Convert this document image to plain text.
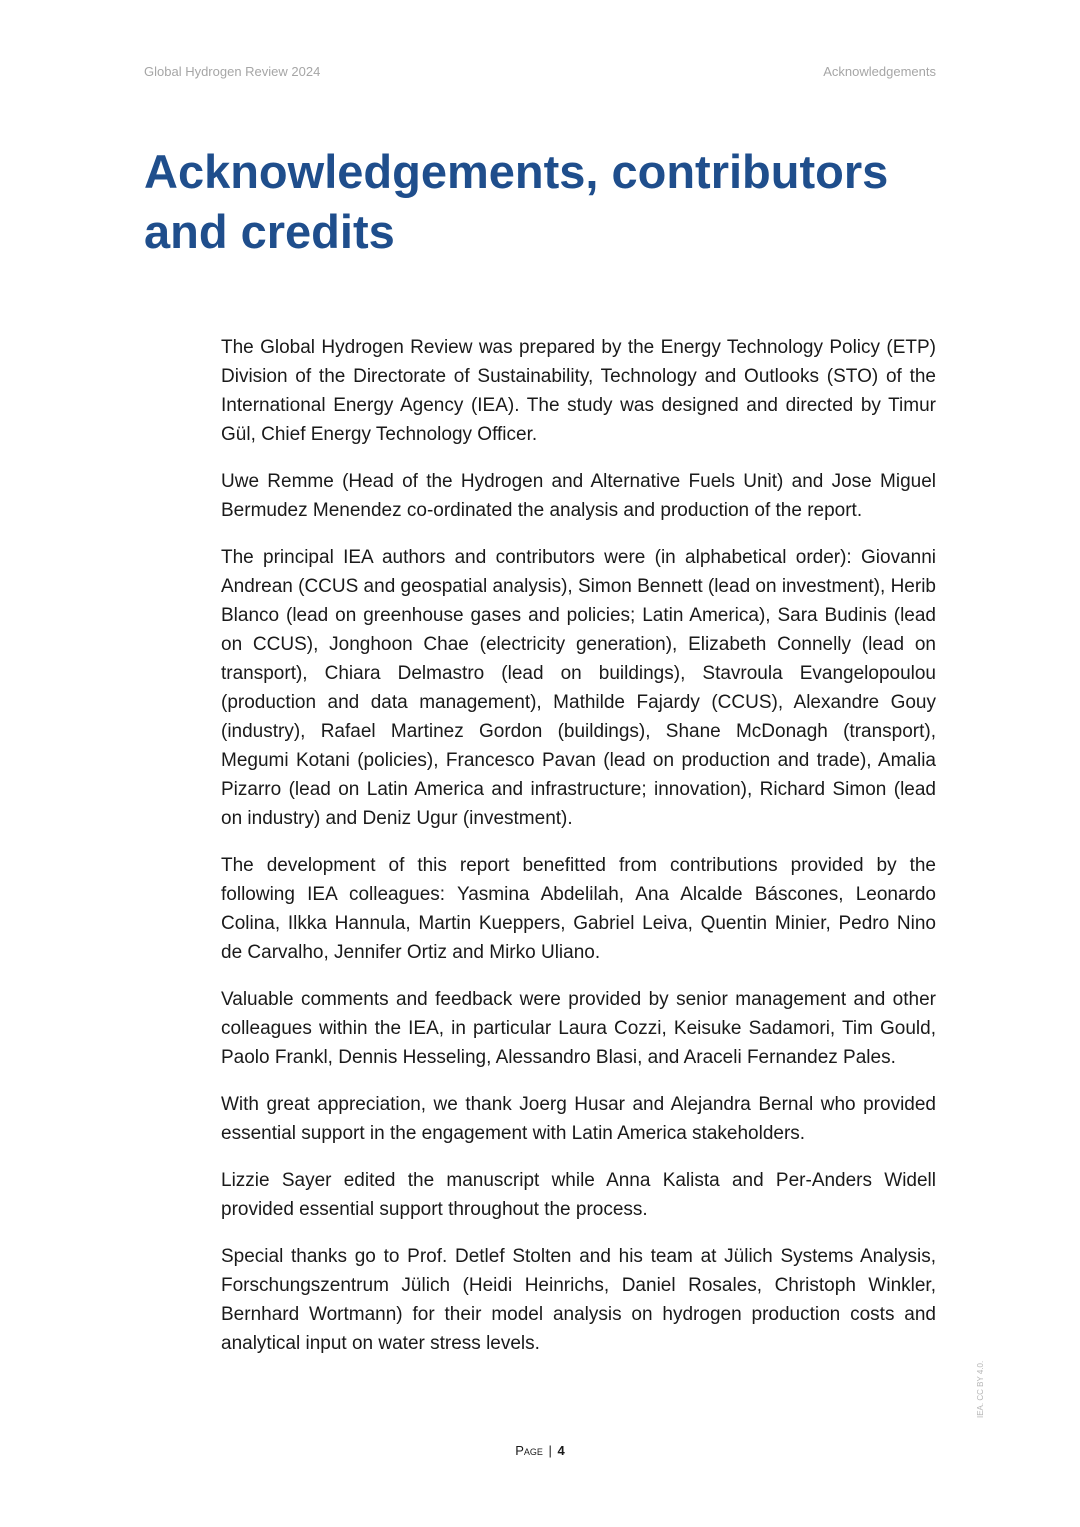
Global Hydrogen Review 2024	Acknowledgements
Acknowledgements, contributors and credits

The Global Hydrogen Review was prepared by the Energy Technology Policy (ETP) Division of the Directorate of Sustainability, Technology and Outlooks (STO) of the International Energy Agency (IEA). The study was designed and directed by Timur Gül, Chief Energy Technology Officer.

Uwe Remme (Head of the Hydrogen and Alternative Fuels Unit) and Jose Miguel Bermudez Menendez co-ordinated the analysis and production of the report.

The principal IEA authors and contributors were (in alphabetical order): Giovanni Andrean (CCUS and geospatial analysis), Simon Bennett (lead on investment), Herib Blanco (lead on greenhouse gases and policies; Latin America), Sara Budinis (lead on CCUS), Jonghoon Chae (electricity generation), Elizabeth Connelly (lead on transport), Chiara Delmastro (lead on buildings), Stavroula Evangelopoulou (production and data management), Mathilde Fajardy (CCUS), Alexandre Gouy (industry), Rafael Martinez Gordon (buildings), Shane McDonagh (transport), Megumi Kotani (policies), Francesco Pavan (lead on production and trade), Amalia Pizarro (lead on Latin America and infrastructure; innovation), Richard Simon (lead on industry) and Deniz Ugur (investment).

The development of this report benefitted from contributions provided by the following IEA colleagues: Yasmina Abdelilah, Ana Alcalde Báscones, Leonardo Colina, Ilkka Hannula, Martin Kueppers, Gabriel Leiva, Quentin Minier, Pedro Nino de Carvalho, Jennifer Ortiz and Mirko Uliano.

Valuable comments and feedback were provided by senior management and other colleagues within the IEA, in particular Laura Cozzi, Keisuke Sadamori, Tim Gould, Paolo Frankl, Dennis Hesseling, Alessandro Blasi, and Araceli Fernandez Pales.

With great appreciation, we thank Joerg Husar and Alejandra Bernal who provided essential support in the engagement with Latin America stakeholders.

Lizzie Sayer edited the manuscript while Anna Kalista and Per-Anders Widell provided essential support throughout the process.

Special thanks go to Prof. Detlef Stolten and his team at Jülich Systems Analysis, Forschungszentrum Jülich (Heidi Heinrichs, Daniel Rosales, Christoph Winkler, Bernhard Wortmann) for their model analysis on hydrogen production costs and analytical input on water stress levels.

Page | 4
IEA. CC BY 4.0.
